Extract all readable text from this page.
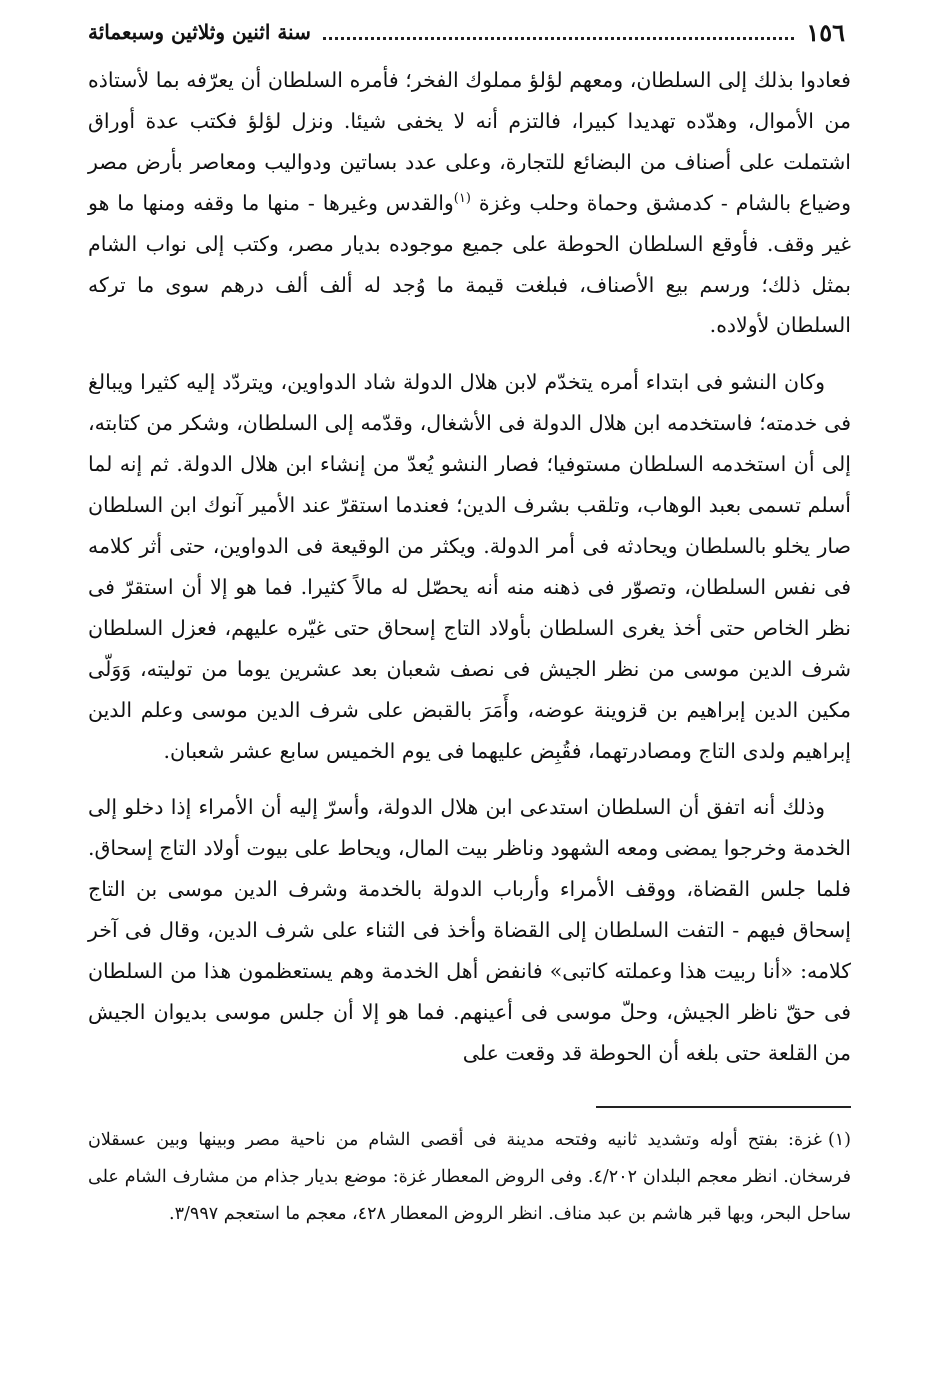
١٥٦
سنة اثنين وثلاثين وسبعمائة

فعادوا بذلك إلى السلطان، ومعهم لؤلؤ مملوك الفخر؛ فأمره السلطان أن يعرّفه بما لأستاذه من الأموال، وهدّده تهديدا كبيرا، فالتزم أنه لا يخفى شيئا. ونزل لؤلؤ فكتب عدة أوراق اشتملت على أصناف من البضائع للتجارة، وعلى عدد بساتين ودواليب ومعاصر بأرض مصر وضياع بالشام - كدمشق وحماة وحلب وغزة $^{(١)}$والقدس وغيرها - منها ما وقفه ومنها ما هو غير وقف. فأوقع السلطان الحوطة على جميع موجوده بديار مصر، وكتب إلى نواب الشام بمثل ذلك؛ ورسم بيع الأصناف، فبلغت قيمة ما وُجد له ألف ألف درهم سوى ما تركه السلطان لأولاده.

وكان النشو فى ابتداء أمره يتخدّم لابن هلال الدولة شاد الدواوين، ويتردّد إليه كثيرا ويبالغ فى خدمته؛ فاستخدمه ابن هلال الدولة فى الأشغال، وقدّمه إلى السلطان، وشكر من كتابته، إلى أن استخدمه السلطان مستوفيا؛ فصار النشو يُعدّ من إنشاء ابن هلال الدولة. ثم إنه لما أسلم تسمى بعبد الوهاب، وتلقب بشرف الدين؛ فعندما استقرّ عند الأمير آنوك ابن السلطان صار يخلو بالسلطان ويحادثه فى أمر الدولة. ويكثر من الوقيعة فى الدواوين، حتى أثر كلامه فى نفس السلطان، وتصوّر فى ذهنه منه أنه يحصّل له مالاً كثيرا. فما هو إلا أن استقرّ فى نظر الخاص حتى أخذ يغرى السلطان بأولاد التاج إسحاق حتى غيّره عليهم، فعزل السلطان شرف الدين موسى من نظر الجيش فى نصف شعبان بعد عشرين يوما من توليته، وَوَلّى مكين الدين إبراهيم بن قزوينة عوضه، وأَمَرَ بالقبض على شرف الدين موسى وعلم الدين إبراهيم ولدى التاج ومصادرتهما، فقُبِض عليهما فى يوم الخميس سابع عشر شعبان.

وذلك أنه اتفق أن السلطان استدعى ابن هلال الدولة، وأسرّ إليه أن الأمراء إذا دخلو إلى الخدمة وخرجوا يمضى ومعه الشهود وناظر بيت المال، ويحاط على بيوت أولاد التاج إسحاق. فلما جلس القضاة، ووقف الأمراء وأرباب الدولة بالخدمة وشرف الدين موسى بن التاج إسحاق فيهم - التفت السلطان إلى القضاة وأخذ فى الثناء على شرف الدين، وقال فى آخر كلامه: «أنا ربيت هذا وعملته كاتبى» فانفض أهل الخدمة وهم يستعظمون هذا من السلطان فى حقّ ناظر الجيش، وحلّ موسى فى أعينهم. فما هو إلا أن جلس موسى بديوان الجيش من القلعة حتى بلغه أن الحوطة قد وقعت على

(١)غزة: بفتح أوله وتشديد ثانيه وفتحه مدينة فى أقصى الشام من ناحية مصر وبينها وبين عسقلان فرسخان. انظر معجم البلدان ٤/٢٠٢. وفى الروض المعطار غزة: موضع بديار جذام من مشارف الشام على ساحل البحر، وبها قبر هاشم بن عبد مناف. انظر الروض المعطار ٤٢٨، معجم ما استعجم ٣/٩٩٧.
